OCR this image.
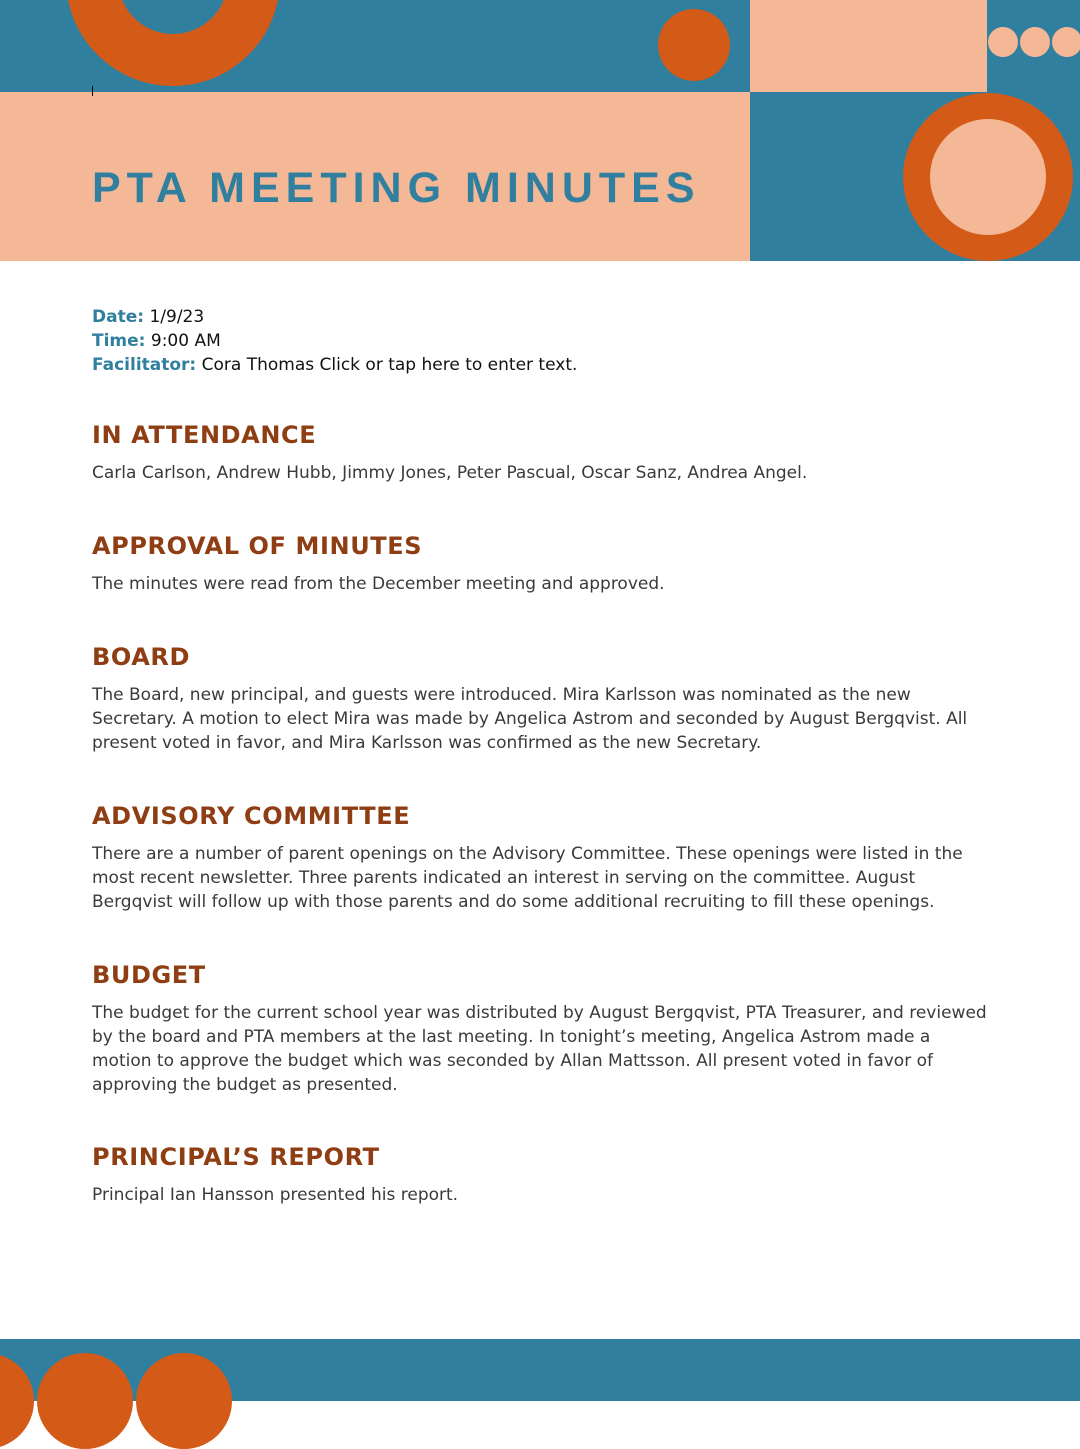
PTA MEETING MINUTES
Date: 1/9/23
Time: 9:00 AM
Facilitator: Cora Thomas Click or tap here to enter text.
IN ATTENDANCE

Carla Carlson, Andrew Hubb, Jimmy Jones, Peter Pascual, Oscar Sanz, Andrea Angel.

APPROVAL OF MINUTES

The minutes were read from the December meeting and approved.

BOARD

The Board, new principal, and guests were introduced. Mira Karlsson was nominated as the new Secretary. A motion to elect Mira was made by Angelica Astrom and seconded by August Bergqvist. All present voted in favor, and Mira Karlsson was confirmed as the new Secretary.

ADVISORY COMMITTEE

There are a number of parent openings on the Advisory Committee. These openings were listed in the most recent newsletter. Three parents indicated an interest in serving on the committee. August Bergqvist will follow up with those parents and do some additional recruiting to fill these openings.

BUDGET

The budget for the current school year was distributed by August Bergqvist, PTA Treasurer, and reviewed by the board and PTA members at the last meeting. In tonight’s meeting, Angelica Astrom made a motion to approve the budget which was seconded by Allan Mattsson. All present voted in favor of approving the budget as presented.

PRINCIPAL’S REPORT

Principal Ian Hansson presented his report.
